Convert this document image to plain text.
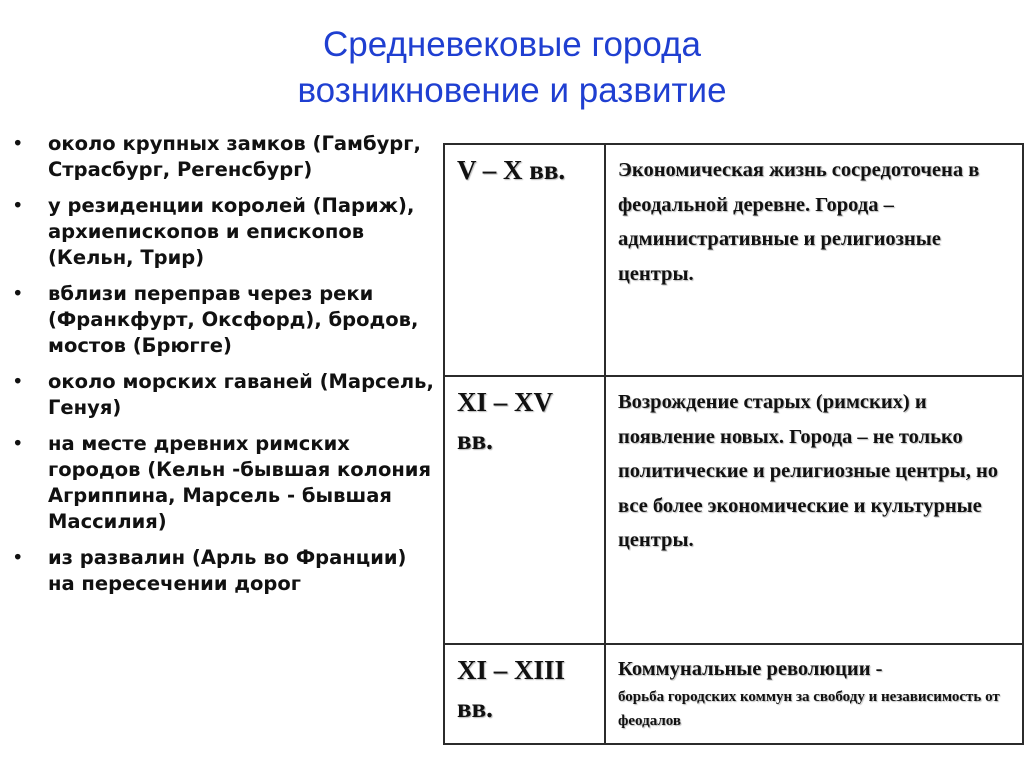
Средневековые города
возникновение и развитие
• около крупных замков (Гамбург, Страсбург, Регенсбург)
• у резиденции королей (Париж), архиепископов и епископов (Кельн, Трир)
• вблизи переправ через реки (Франкфурт, Оксфорд), бродов, мостов (Брюгге)
• около морских гаваней (Марсель, Генуя)
• на месте древних римских городов (Кельн -бывшая колония Агриппина, Марсель - бывшая Массилия)
• из развалин (Арль во Франции) на пересечении дорог
V – X вв.	Экономическая жизнь сосредоточена в феодальной деревне. Города – административные и религиозные центры.
XI – XV вв.	Возрождение старых (римских) и появление новых. Города – не только политические и религиозные центры, но все более экономические и культурные центры.
XI – XIII вв.	Коммунальные революции -
борьба городских коммун за свободу и независимость от феодалов
